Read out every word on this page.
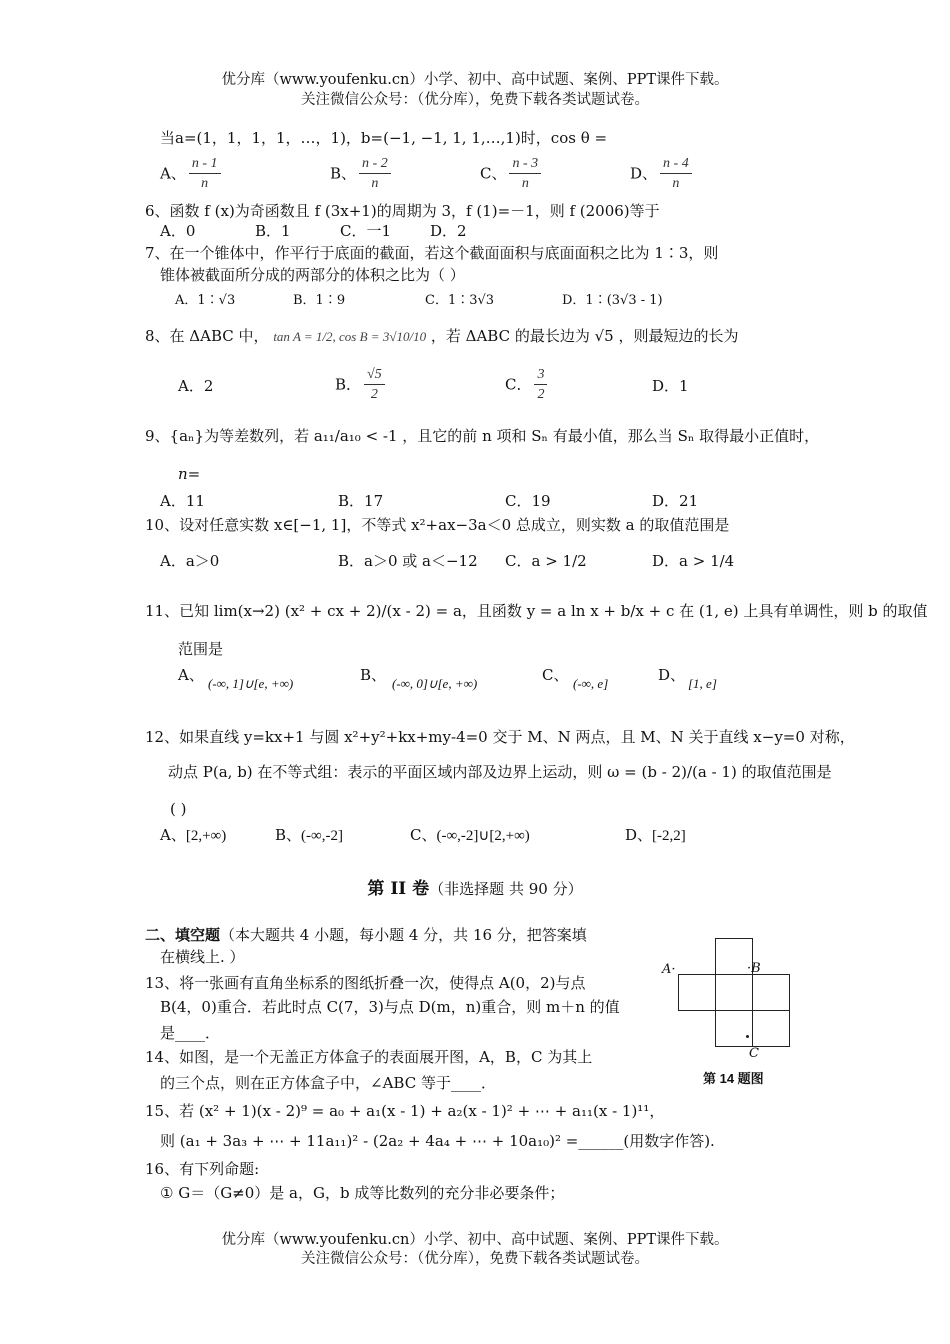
优分库（www.youfenku.cn）小学、初中、高中试题、案例、PPT课件下载。
关注微信公众号：（优分库），免费下载各类试题试卷。
当a=(1，1，1，1，…，1)，b=(−1, −1, 1, 1,…,1)时，cos θ =
A、 $\frac{n - 1}{n}$	B、 $\frac{n - 2}{n}$	C、 $\frac{n - 3}{n}$	D、 $\frac{n - 4}{n}$
6、函数 f (x)为奇函数且 f (3x+1)的周期为 3，f (1)=－1，则 f (2006)等于
A．0	B．1	C．一1	D．2
7、在一个锥体中，作平行于底面的截面，若这个截面面积与底面面积之比为 1∶3，则
锥体被截面所分成的两部分的体积之比为（ ）
A．1∶√3	B．1∶9	C．1∶3√3	D．1∶(3√3 - 1)
8、在 ΔABC 中， tan A = 1/2, cos B = 3√10/10 ，若 ΔABC 的最长边为 √5 ，则最短边的长为
A．2	B． $\frac{√5}{2}$	C． $\frac{3}{2}$	D．1
9、{aₙ}为等差数列，若 a₁₁/a₁₀ < -1 ，且它的前 n 项和 Sₙ 有最小值，那么当 Sₙ 取得最小正值时，
n=
A．11	B．17	C．19	D．21
10、设对任意实数 x∈[−1, 1]，不等式 x²+ax−3a＜0 总成立，则实数 a 的取值范围是
A．a＞0	B．a＞0 或 a＜−12 C．a > 1/2	D．a > 1/4
11、已知 lim(x→2) (x² + cx + 2)/(x - 2) = a，且函数 y = a ln x + b/x + c 在 (1, e) 上具有单调性，则 b 的取值
范围是
A、 (-∞, 1]∪[e, +∞)	B、 (-∞, 0]∪[e, +∞)	C、 (-∞, e]	D、 [1, e]
12、如果直线 y=kx+1 与圆 x²+y²+kx+my-4=0 交于 M、N 两点，且 M、N 关于直线 x−y=0 对称，
动点 P(a, b) 在不等式组：表示的平面区域内部及边界上运动，则 ω = (b - 2)/(a - 1) 的取值范围是
( )
A、[2,+∞)	B、(-∞,-2]	C、(-∞,-2]∪[2,+∞)	D、[-2,2]
第 II 卷（非选择题 共 90 分）
二、填空题（本大题共 4 小题，每小题 4 分，共 16 分，把答案填
在横线上. ）
13、将一张画有直角坐标系的图纸折叠一次，使得点 A(0，2)与点
B(4，0)重合．若此时点 C(7，3)与点 D(m，n)重合，则 m＋n 的值
是____．
14、如图，是一个无盖正方体盒子的表面展开图，A，B，C 为其上
的三个点，则在正方体盒子中，∠ABC 等于____．
A·	·B
C
第 14 题图
15、若 (x² + 1)(x - 2)⁹ = a₀ + a₁(x - 1) + a₂(x - 1)² + ⋯ + a₁₁(x - 1)¹¹，
则 (a₁ + 3a₃ + ⋯ + 11a₁₁)² - (2a₂ + 4a₄ + ⋯ + 10a₁₀)² =______(用数字作答).
16、有下列命题:
① G＝（G≠0）是 a，G，b 成等比数列的充分非必要条件；
优分库（www.youfenku.cn）小学、初中、高中试题、案例、PPT课件下载。
关注微信公众号：（优分库），免费下载各类试题试卷。
